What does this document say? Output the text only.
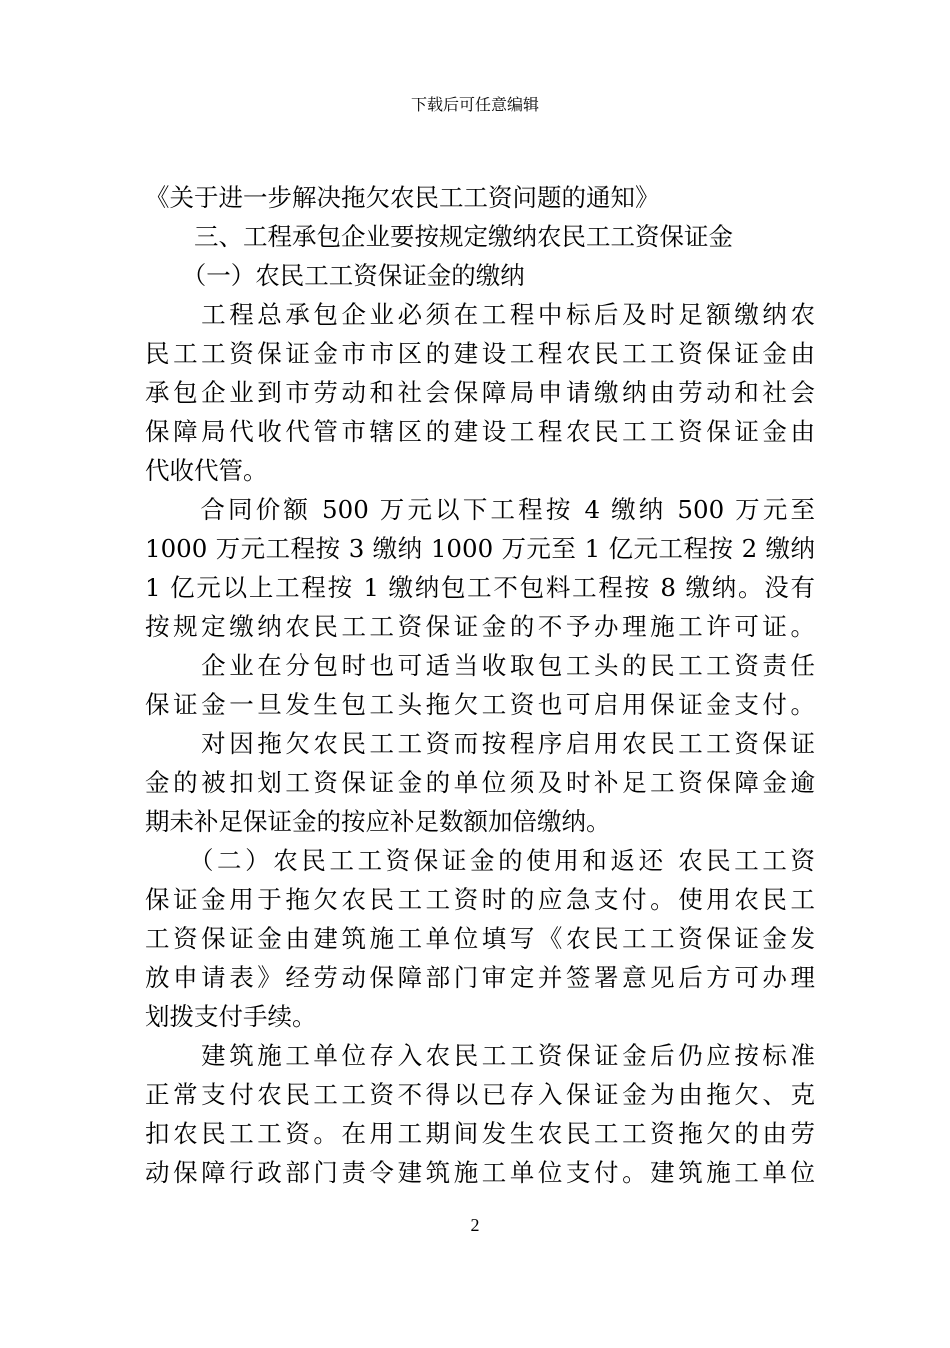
下载后可任意编辑
《关于进一步解决拖欠农民工工资问题的通知》
　　三、工程承包企业要按规定缴纳农民工工资保证金
　　（一）农民工工资保证金的缴纳
　　工程总承包企业必须在工程中标后及时足额缴纳农
民工工资保证金市市区的建设工程农民工工资保证金由
承包企业到市劳动和社会保障局申请缴纳由劳动和社会
保障局代收代管市辖区的建设工程农民工工资保证金由
代收代管。
　　合同价额 500 万元以下工程按 4 缴纳 500 万元至
1000 万元工程按 3 缴纳 1000 万元至 1 亿元工程按 2 缴纳
1 亿元以上工程按 1 缴纳包工不包料工程按 8 缴纳。没有
按规定缴纳农民工工资保证金的不予办理施工许可证。
　　企业在分包时也可适当收取包工头的民工工资责任
保证金一旦发生包工头拖欠工资也可启用保证金支付。
　　对因拖欠农民工工资而按程序启用农民工工资保证
金的被扣划工资保证金的单位须及时补足工资保障金逾
期未补足保证金的按应补足数额加倍缴纳。
　　（二）农民工工资保证金的使用和返还 农民工工资
保证金用于拖欠农民工工资时的应急支付。使用农民工
工资保证金由建筑施工单位填写《农民工工资保证金发
放申请表》经劳动保障部门审定并签署意见后方可办理
划拨支付手续。
　　建筑施工单位存入农民工工资保证金后仍应按标准
正常支付农民工工资不得以已存入保证金为由拖欠、克
扣农民工工资。在用工期间发生农民工工资拖欠的由劳
动保障行政部门责令建筑施工单位支付。建筑施工单位
2
